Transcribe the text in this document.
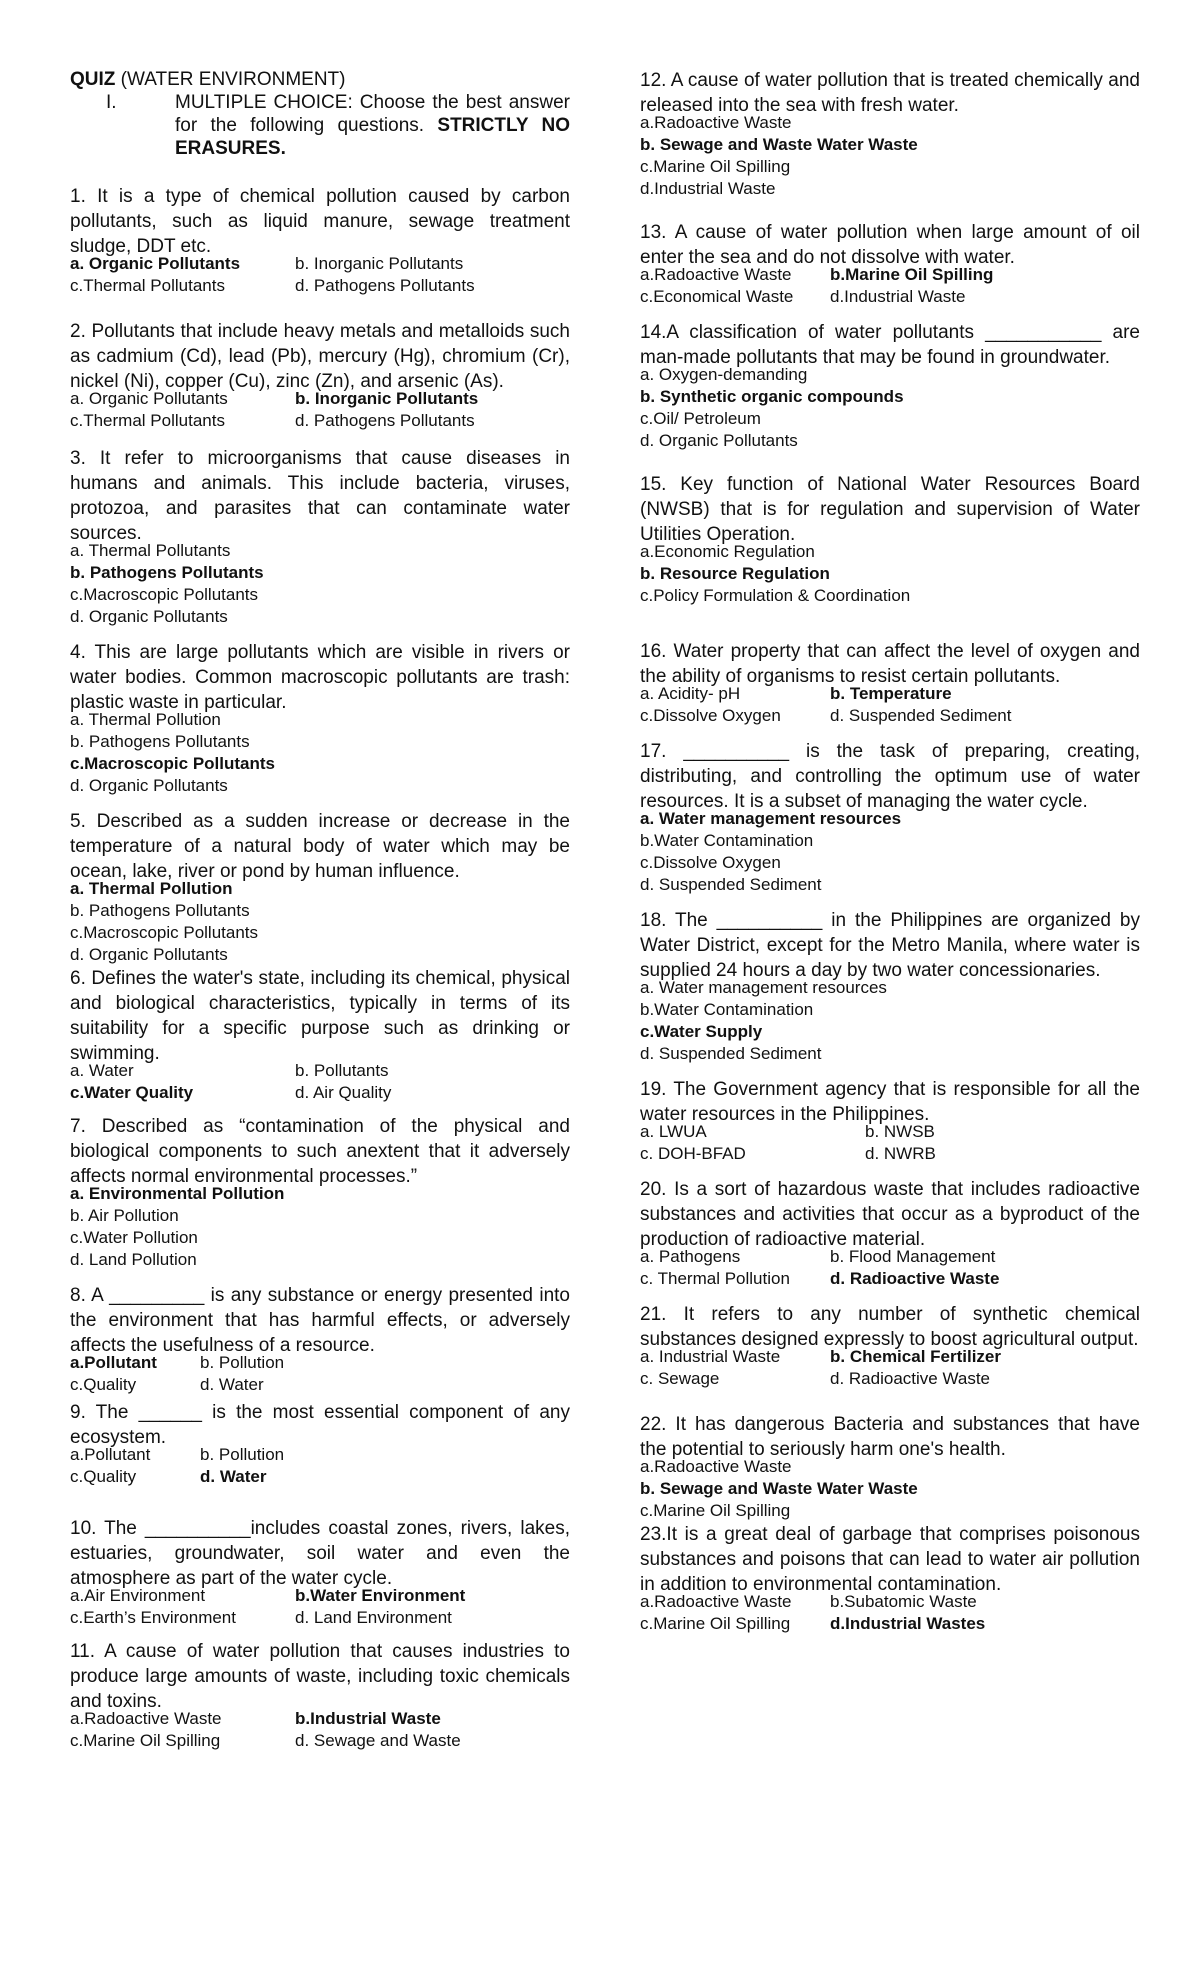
QUIZ (WATER ENVIRONMENT)
I.	MULTIPLE CHOICE: Choose the best answer for the following questions. STRICTLY NO ERASURES.
1. It is a type of chemical pollution caused by carbon pollutants, such as liquid manure, sewage treatment sludge, DDT etc.
a. Organic Pollutants	b. Inorganic Pollutants
c.Thermal Pollutants	d. Pathogens Pollutants
2. Pollutants that include heavy metals and metalloids such as cadmium (Cd), lead (Pb), mercury (Hg), chromium (Cr), nickel (Ni), copper (Cu), zinc (Zn), and arsenic (As).
a. Organic Pollutants	b. Inorganic Pollutants
c.Thermal Pollutants	d. Pathogens Pollutants
3. It refer to microorganisms that cause diseases in humans and animals. This include bacteria, viruses, protozoa, and parasites that can contaminate water sources.
a. Thermal Pollutants
b. Pathogens Pollutants
c.Macroscopic Pollutants
d. Organic Pollutants
4. This are large pollutants which are visible in rivers or water bodies. Common macroscopic pollutants are trash: plastic waste in particular.
a. Thermal Pollution
b. Pathogens Pollutants
c.Macroscopic Pollutants
d. Organic Pollutants
5. Described as a sudden increase or decrease in the temperature of a natural body of water which may be ocean, lake, river or pond by human influence.
a. Thermal Pollution
b. Pathogens Pollutants
c.Macroscopic Pollutants
d. Organic Pollutants
6. Defines the water's state, including its chemical, physical and biological characteristics, typically in terms of its suitability for a specific purpose such as drinking or swimming.
a. Water	b. Pollutants
c.Water Quality	d. Air Quality
7. Described as “contamination of the physical and biological components to such anextent that it adversely affects normal environmental processes.”
a. Environmental Pollution
b. Air Pollution
c.Water Pollution
d. Land Pollution
8. A _________ is any substance or energy presented into the environment that has harmful effects, or adversely affects the usefulness of a resource.
a.Pollutant	b. Pollution
c.Quality	d. Water
9. The ______ is the most essential component of any ecosystem.
a.Pollutant	b. Pollution
c.Quality	d. Water
10. The __________includes coastal zones, rivers, lakes, estuaries, groundwater, soil water and even the atmosphere as part of the water cycle.
a.Air Environment	b.Water Environment
c.Earth’s Environment	d. Land Environment
11. A cause of water pollution that causes industries to produce large amounts of waste, including toxic chemicals and toxins.
a.Radoactive Waste	b.Industrial Waste
c.Marine Oil Spilling	d. Sewage and Waste
12. A cause of water pollution that is treated chemically and released into the sea with fresh water.
a.Radoactive Waste
b. Sewage and Waste Water Waste
c.Marine Oil Spilling
d.Industrial Waste
13. A cause of water pollution when large amount of oil enter the sea and do not dissolve with water.
a.Radoactive Waste	b.Marine Oil Spilling
c.Economical Waste	d.Industrial Waste
14.A classification of water pollutants ___________ are man-made pollutants that may be found in groundwater.
a. Oxygen-demanding
b. Synthetic organic compounds
c.Oil/ Petroleum
d. Organic Pollutants
15. Key function of National Water Resources Board (NWSB) that is for regulation and supervision of Water Utilities Operation.
a.Economic Regulation
b. Resource Regulation
c.Policy Formulation & Coordination
16. Water property that can affect the level of oxygen and the ability of organisms to resist certain pollutants.
a. Acidity- pH	b. Temperature
c.Dissolve Oxygen	d. Suspended Sediment
17. __________ is the task of preparing, creating, distributing, and controlling the optimum use of water resources. It is a subset of managing the water cycle.
a. Water management resources
b.Water Contamination
c.Dissolve Oxygen
d. Suspended Sediment
18. The __________ in the Philippines are organized by Water District, except for the Metro Manila, where water is supplied 24 hours a day by two water concessionaries.
a. Water management resources
b.Water Contamination
c.Water Supply
d. Suspended Sediment
19. The Government agency that is responsible for all the water resources in the Philippines.
a. LWUA	b. NWSB
c. DOH-BFAD	d. NWRB
20. Is a sort of hazardous waste that includes radioactive substances and activities that occur as a byproduct of the production of radioactive material.
a. Pathogens	b. Flood Management
c. Thermal Pollution	d. Radioactive Waste
21. It refers to any number of synthetic chemical substances designed expressly to boost agricultural output.
a. Industrial Waste	b. Chemical Fertilizer
c. Sewage	d. Radioactive Waste
22. It has dangerous Bacteria and substances that have the potential to seriously harm one's health.
a.Radoactive Waste
b. Sewage and Waste Water Waste
c.Marine Oil Spilling
23.It is a great deal of garbage that comprises poisonous substances and poisons that can lead to water air pollution in addition to environmental contamination.
a.Radoactive Waste	b.Subatomic Waste
c.Marine Oil Spilling	d.Industrial Wastes
